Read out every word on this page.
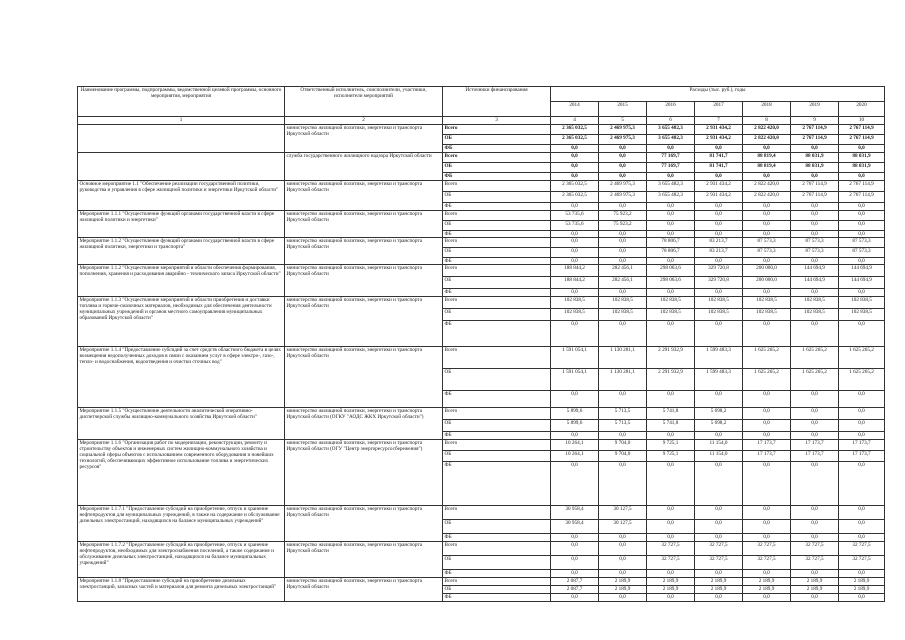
Наименование программы, подпрограммы, ведомственной целевой программы, основного мероприятия, мероприятия	Ответственный исполнитель, соисполнители, участники, исполнители мероприятий	Источники финансирования	Расходы (тыс. руб.), годы						
			2014	2015	2016	2017	2018	2019	2020
1	2	3	4	5	6	7	8	9	10
	министерство жилищной политики, энергетики и транспорта Иркутской области	Всего	2 365 032,5	2 469 975,3	3 655 482,3	2 931 434,2	2 822 420,0	2 767 114,9	2 767 114,9
		ОБ	2 365 032,5	2 469 975,3	3 655 482,3	2 931 434,2	2 822 420,0	2 767 114,9	2 767 114,9
		ФБ	0,0	0,0	0,0	0,0	0,0	0,0	0,0
	служба государственного жилищного надзора Иркутской области	Всего	0,0	0,0	77 169,7	81 741,7	88 819,4	88 031,9	88 031,9
		ОБ	0,0	0,0	77 169,7	81 741,7	88 819,4	88 031,9	88 031,9
		ФБ	0,0	0,0	0,0	0,0	0,0	0,0	0,0
Основное мероприятие 1.1 "Обеспечение реализации государственной политики, руководства и управления в сфере жилищной политики и энергетики Иркутской области"	министерство жилищной политики, энергетики и транспорта Иркутской области	Всего	2 365 032,5	2 469 975,3	3 655 482,3	2 931 434,2	2 822 420,0	2 767 114,9	2 767 114,9
		ОБ	2 365 032,5	2 469 975,3	3 655 482,3	2 931 434,2	2 822 420,0	2 767 114,9	2 767 114,9
		ФБ	0,0	0,0	0,0	0,0	0,0	0,0	0,0
Мероприятие 1.1.1 "Осуществление функций органами государственной власти в сфере жилищной политики и энергетики"	министерство жилищной политики, энергетики и транспорта Иркутской области	Всего	53 735,6	75 923,2	0,0	0,0	0,0	0,0	0,0
		ОБ	53 735,6	75 923,2	0,0	0,0	0,0	0,0	0,0
		ФБ	0,0	0,0	0,0	0,0	0,0	0,0	0,0
Мероприятие 1.1.2 "Осуществление функций органами государственной власти в сфере жилищной политики, энергетики и транспорта"	министерство жилищной политики, энергетики и транспорта Иркутской области	Всего	0,0	0,0	78 806,7	83 213,7	87 573,3	87 573,3	87 573,3
		ОБ	0,0	0,0	78 806,7	83 213,7	87 573,3	87 573,3	87 573,3
		ФБ	0,0	0,0	0,0	0,0	0,0	0,0	0,0
Мероприятие 1.1.2 "Осуществление мероприятий в области обеспечения формирования, пополнения, хранения и расходования аварийно - технического запаса Иркутской области"	министерство жилищной политики, энергетики и транспорта Иркутской области	Всего	188 844,2	282 456,1	298 063,6	329 720,8	200 000,0	144 694,9	144 694,9
		ОБ	188 844,2	282 456,1	298 063,6	329 720,8	200 000,0	144 694,9	144 694,9
		ФБ	0,0	0,0	0,0	0,0	0,0	0,0	0,0
Мероприятие 1.1.3 "Осуществление мероприятий в области приобретения и доставки топлива и горюче-смазочных материалов, необходимых для обеспечения деятельности муниципальных учреждений и органов местного самоуправления муниципальных образований Иркутской области"	министерство жилищной политики, энергетики и транспорта Иркутской области	Всего	102 838,5	102 838,5	102 838,5	102 838,5	102 838,5	102 838,5	102 838,5
		ОБ	102 838,5	102 838,5	102 838,5	102 838,5	102 838,5	102 838,5	102 838,5
		ФБ	0,0	0,0	0,0	0,0	0,0	0,0	0,0
Мероприятие 1.1.4 "Предоставление субсидий за счет средств областного бюджета в целях возмещения недополученных доходов в связи с оказанием услуг в сфере электро-, газо-, тепло- и водоснабжения, водоотведения и очистки сточных вод"	министерство жилищной политики, энергетики и транспорта Иркутской области	Всего	1 591 054,1	1 130 281,1	2 291 932,9	1 599 483,3	1 625 265,2	1 625 265,2	1 625 265,2
		ОБ	1 591 054,1	1 130 281,1	2 291 932,9	1 599 483,3	1 625 265,2	1 625 265,2	1 625 265,2
		ФБ	0,0	0,0	0,0	0,0	0,0	0,0	0,0
Мероприятие 1.1.5 "Осуществление деятельности аналитической оперативно-диспетчерской службы жилищно-коммунального хозяйства Иркутской области"	министерство жилищной политики, энергетики и транспорта Иркутской области (ОГКУ "АОДС ЖКХ Иркутской области")	Всего	5 899,6	5 713,5	5 741,8	5 698,2	0,0	0,0	0,0
		ОБ	5 899,6	5 713,5	5 741,8	5 698,2	0,0	0,0	0,0
		ФБ	0,0	0,0	0,0	0,0	0,0	0,0	0,0
Мероприятие 1.1.6 "Организация работ по модернизации, реконструкции, ремонту и строительству объектов и инженерных систем жилищно-коммунального хозяйства и социальной сферы объектов с использованием современного оборудования и новейших технологий, обеспечивающих эффективное использование топлива и энергетических ресурсов"	министерство жилищной политики, энергетики и транспорта Иркутской области (ОГУ "Центр энергоресурсосбережения")	Всего	10 264,1	9 704,0	9 725,1	11 154,0	17 173,7	17 173,7	17 173,7
		ОБ	10 264,1	9 704,0	9 725,1	11 154,0	17 173,7	17 173,7	17 173,7
		ФБ	0,0	0,0	0,0	0,0	0,0	0,0	0,0
Мероприятие 1.1.7.1 "Предоставление субсидий на приобретение, отпуск и хранение нефтепродуктов для муниципальных учреждений, в также на содержание и обслуживание дизельных электростанций, находящихся на балансе муниципальных учреждений"	министерство жилищной политики, энергетики и транспорта Иркутской области	Всего	30 958,4	30 127,5	0,0	0,0	0,0	0,0	0,0
		ОБ	30 958,4	30 127,5	0,0	0,0	0,0	0,0	0,0
		ФБ	0,0	0,0	0,0	0,0	0,0	0,0	0,0
Мероприятие 1.1.7.2 "Предоставление субсидий на приобретение, отпуск и хранение нефтепродуктов, необходимых для электроснабжения поселений, а также содержание и обслуживание дизельных электростанций, находящихся на балансе муниципальных учреждений"	министерство жилищной политики, энергетики и транспорта Иркутской области	Всего	0,0	0,0	32 727,5	32 727,5	32 727,5	32 727,5	32 727,5
		ОБ	0,0	0,0	32 727,5	32 727,5	32 727,5	32 727,5	32 727,5
		ФБ	0,0	0,0	0,0	0,0	0,0	0,0	0,0
Мероприятие 1.1.8 "Предоставление субсидий на приобретение дизельных электростанций, запасных частей и материалов для ремонта дизельных электростанций"	министерство жилищной политики, энергетики и транспорта Иркутской области	Всего	2 087,7	2 189,9	2 189,9	2 189,9	2 189,9	2 189,9	2 189,9
		ОБ	2 087,7	2 189,9	2 189,9	2 189,9	2 189,9	2 189,9	2 189,9
		ФБ	0,0	0,0	0,0	0,0	0,0	0,0	0,0
